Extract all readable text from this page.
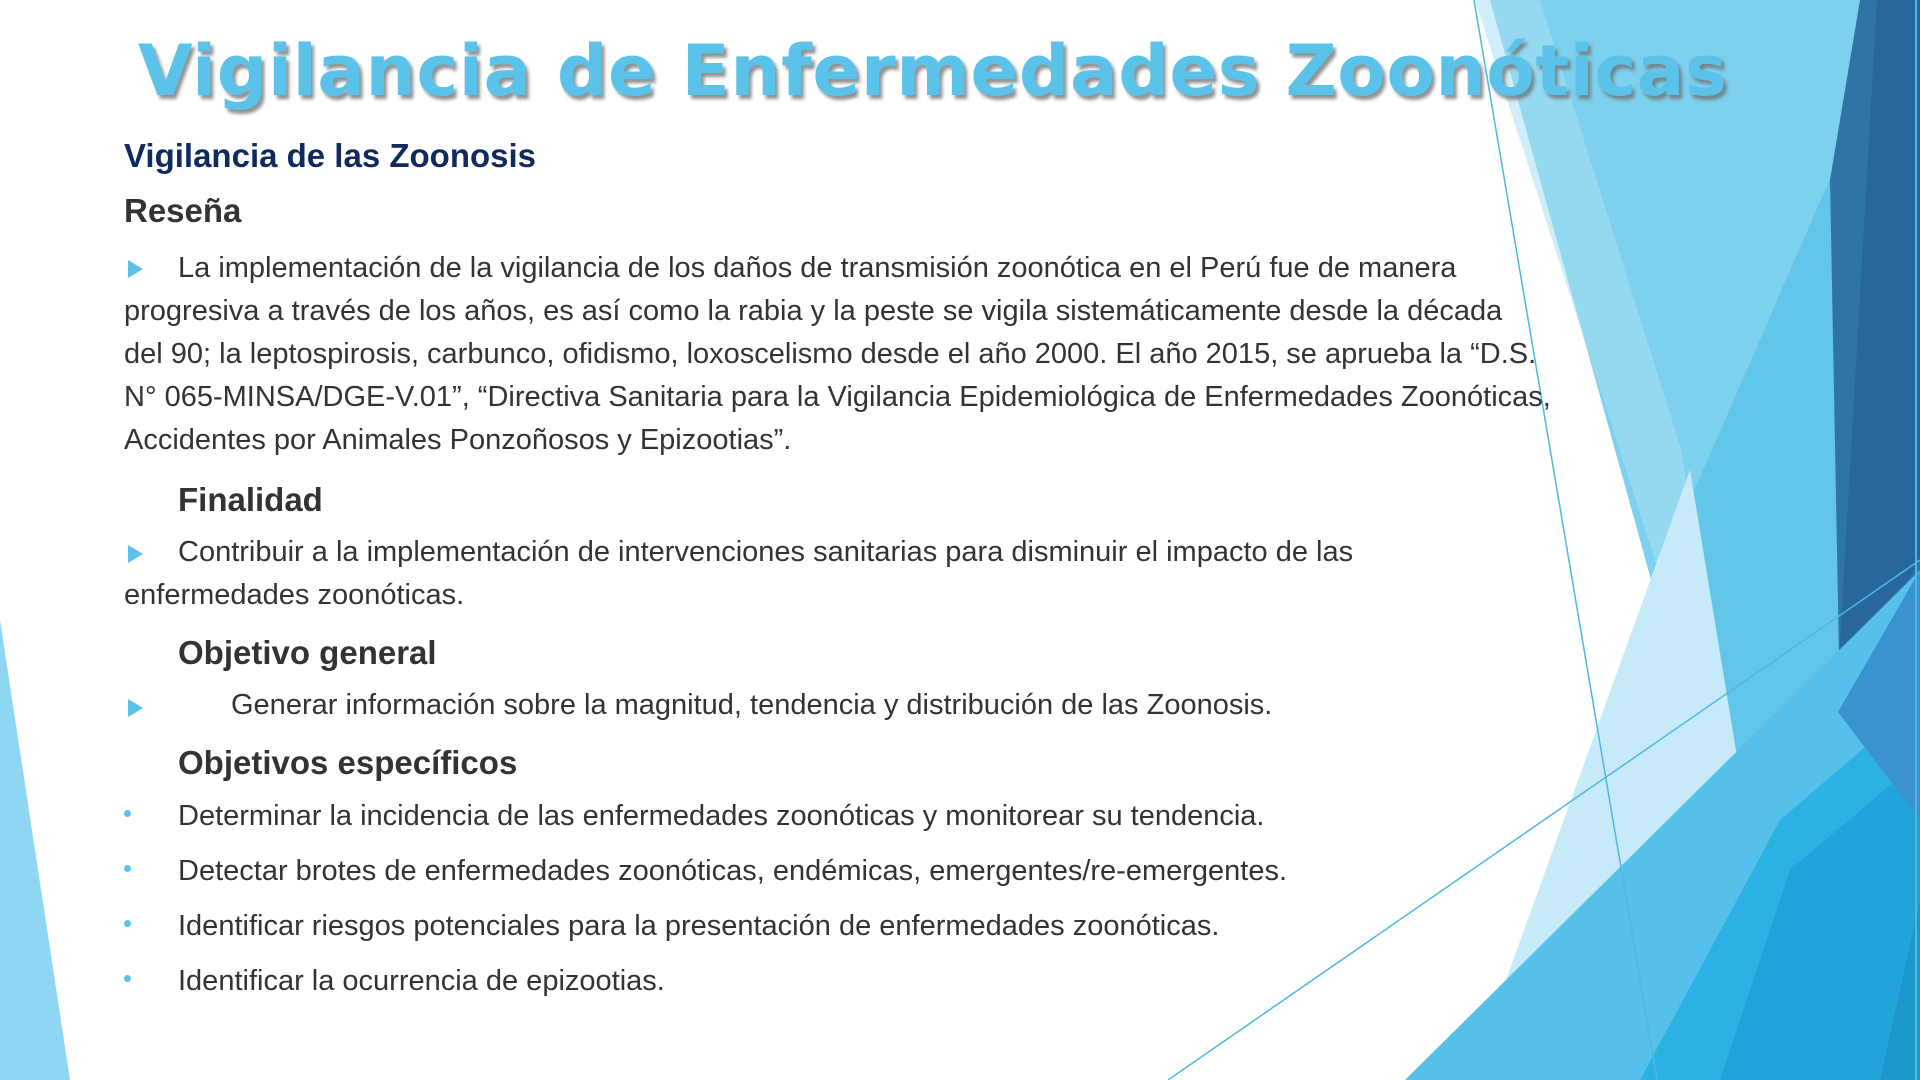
Vigilancia de Enfermedades Zoonóticas
Vigilancia de las Zoonosis
Reseña
La implementación de la vigilancia de los daños de transmisión zoonótica en el Perú fue de manera
progresiva a través de los años, es así como la rabia y la peste se vigila sistemáticamente desde la década
del 90; la leptospirosis, carbunco, ofidismo, loxoscelismo desde el año 2000. El año 2015, se aprueba la “D.S.
N° 065-MINSA/DGE-V.01”, “Directiva Sanitaria para la Vigilancia Epidemiológica de Enfermedades Zoonóticas,
Accidentes por Animales Ponzoñosos y Epizootias”.
Finalidad
Contribuir a la implementación de intervenciones sanitarias para disminuir el impacto de las
enfermedades zoonóticas.
Objetivo general
Generar información sobre la magnitud, tendencia y distribución de las Zoonosis.
Objetivos específicos
Determinar la incidencia de las enfermedades zoonóticas y monitorear su tendencia.
Detectar brotes de enfermedades zoonóticas, endémicas, emergentes/re-emergentes.
Identificar riesgos potenciales para la presentación de enfermedades zoonóticas.
Identificar la ocurrencia de epizootias.
